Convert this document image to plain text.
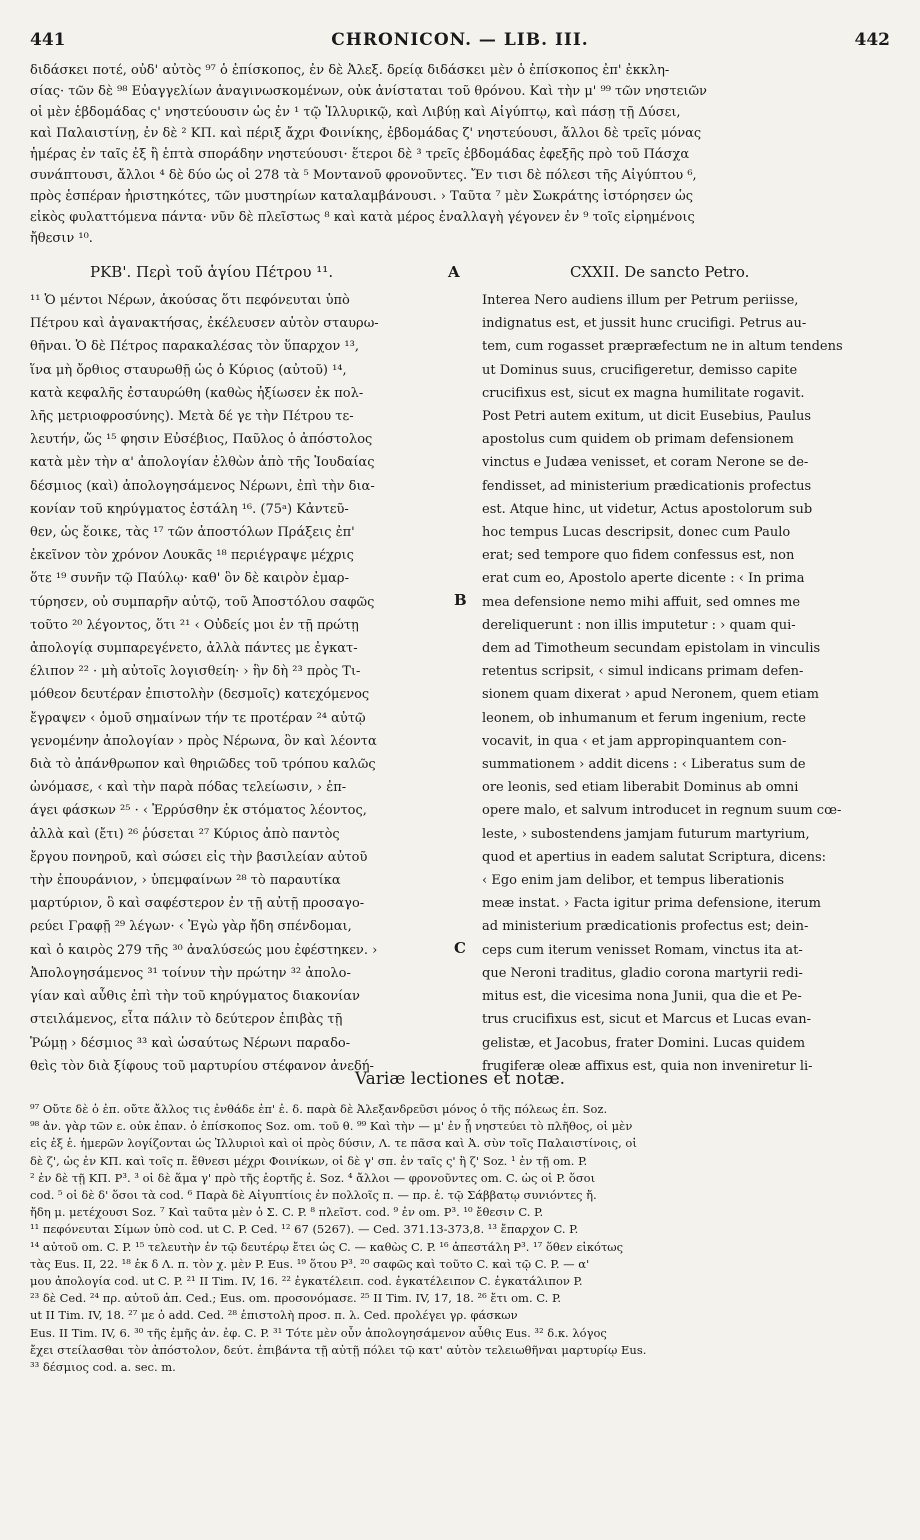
441	CHRONICON. — LIB. III.	442
διδάσκει ποτέ, οὐδ' αὐτὸς ⁹⁷ ὁ ἐπίσκοπος, ἐν δὲ Ἀλεξ. δρείᾳ διδάσκει μὲν ὁ ἐπίσκοπος ἐπ' ἐκκλη-
σίας· τῶν δὲ ⁹⁸ Εὐαγγελίων ἀναγινωσκομένων, οὐκ ἀνίσταται τοῦ θρόνου. Καὶ τὴν μ' ⁹⁹ τῶν νηστειῶν
οἱ μὲν ἑβδομάδας ς' νηστεύουσιν ὡς ἐν ¹ τῷ Ἰλλυρικῷ, καὶ Λιβύῃ καὶ Αἰγύπτῳ, καὶ πάσῃ τῇ Δύσει,
καὶ Παλαιστίνῃ, ἐν δὲ ² ΚΠ. καὶ πέριξ ἄχρι Φοινίκης, ἑβδομάδας ζ' νηστεύουσι, ἄλλοι δὲ τρεῖς μόνας
ἡμέρας ἐν ταῖς ἐξ ἢ ἑπτὰ σποράδην νηστεύουσι· ἕτεροι δὲ ³ τρεῖς ἑβδομάδας ἐφεξῆς πρὸ τοῦ Πάσχα
συνάπτουσι, ἄλλοι ⁴ δὲ δύο ὡς οἱ 278 τὰ ⁵ Μοντανοῦ φρονοῦντες. Ἔν τισι δὲ πόλεσι τῆς Αἰγύπτου ⁶,
πρὸς ἑσπέραν ἠριστηκότες, τῶν μυστηρίων καταλαμβάνουσι. › Ταῦτα ⁷ μὲν Σωκράτης ἱστόρησεν ὡς
εἰκὸς φυλαττόμενα πάντα· νῦν δὲ πλεῖστως ⁸ καὶ κατὰ μέρος ἐναλλαγὴ γέγονεν ἐν ⁹ τοῖς εἰρημένοις
ἤθεσιν ¹⁰.
ΡΚΒ'. Περὶ τοῦ ἁγίου Πέτρου ¹¹.	A	CXXII. De sancto Petro.
¹¹ Ὁ μέντοι Νέρων, ἀκούσας ὅτι πεφόνευται ὑπὸ
Πέτρου καὶ ἀγανακτήσας, ἐκέλευσεν αὐτὸν σταυρω-
θῆναι. Ὁ δὲ Πέτρος παρακαλέσας τὸν ὕπαρχον ¹³,
ἵνα μὴ ὄρθιος σταυρωθῇ ὡς ὁ Κύριος (αὐτοῦ) ¹⁴,
κατὰ κεφαλῆς ἐσταυρώθη (καθὼς ἠξίωσεν ἐκ πολ-
λῆς μετριοφροσύνης). Μετὰ δέ γε τὴν Πέτρου τε-
λευτήν, ὥς ¹⁵ φησιν Εὐσέβιος, Παῦλος ὁ ἀπόστολος
κατὰ μὲν τὴν α' ἀπολογίαν ἐλθὼν ἀπὸ τῆς Ἰουδαίας
δέσμιος (καὶ) ἀπολογησάμενος Νέρωνι, ἐπὶ τὴν δια-
κονίαν τοῦ κηρύγματος ἐστάλη ¹⁶. (75ᵃ) Κἀντεῦ-
θεν, ὡς ἔοικε, τὰς ¹⁷ τῶν ἀποστόλων Πράξεις ἐπ'
ἐκεῖνον τὸν χρόνον Λουκᾶς ¹⁸ περιέγραψε μέχρις
ὅτε ¹⁹ συνῆν τῷ Παύλῳ· καθ' ὃν δὲ καιρὸν ἐμαρ-
τύρησεν, οὐ συμπαρῆν αὐτῷ, τοῦ Ἀποστόλου σαφῶς
τοῦτο ²⁰ λέγοντος, ὅτι ²¹ ‹ Οὐδείς μοι ἐν τῇ πρώτῃ
ἀπολογίᾳ συμπαρεγένετο, ἀλλὰ πάντες με ἐγκατ-
έλιπον ²² · μὴ αὐτοῖς λογισθείη· › ἣν δὴ ²³ πρὸς Τι-
μόθεον δευτέραν ἐπιστολὴν (δεσμοῖς) κατεχόμενος
ἔγραψεν ‹ ὁμοῦ σημαίνων τήν τε προτέραν ²⁴ αὐτῷ
γενομένην ἀπολογίαν › πρὸς Νέρωνα, ὃν καὶ λέοντα
διὰ τὸ ἀπάνθρωπον καὶ θηριῶδες τοῦ τρόπου καλῶς
ὠνόμασε, ‹ καὶ τὴν παρὰ πόδας τελείωσιν, › ἐπ-
άγει φάσκων ²⁵ · ‹ Ἐρρύσθην ἐκ στόματος λέοντος,
ἀλλὰ καὶ (ἔτι) ²⁶ ῥύσεται ²⁷ Κύριος ἀπὸ παντὸς
ἔργου πονηροῦ, καὶ σώσει εἰς τὴν βασιλείαν αὐτοῦ
τὴν ἐπουράνιον, › ὑπεμφαίνων ²⁸ τὸ παραυτίκα
μαρτύριον, ὃ καὶ σαφέστερον ἐν τῇ αὐτῇ προσαγο-
ρεύει Γραφῇ ²⁹ λέγων· ‹ Ἐγὼ γὰρ ἤδη σπένδομαι,
καὶ ὁ καιρὸς 279 τῆς ³⁰ ἀναλύσεώς μου ἐφέστηκεν. ›
Ἀπολογησάμενος ³¹ τοίνυν τὴν πρώτην ³² ἀπολο-
γίαν καὶ αὖθις ἐπὶ τὴν τοῦ κηρύγματος διακονίαν
στειλάμενος, εἶτα πάλιν τὸ δεύτερον ἐπιβὰς τῇ
Ῥώμῃ › δέσμιος ³³ καὶ ὡσαύτως Νέρωνι παραδο-
θεὶς τὸν διὰ ξίφους τοῦ μαρτυρίου στέφανον ἀνεδή-
B
C
Interea Nero audiens illum per Petrum periisse,
indignatus est, et jussit hunc crucifigi. Petrus au-
tem, cum rogasset præpræfectum ne in altum tendens
ut Dominus suus, crucifigeretur, demisso capite
crucifixus est, sicut ex magna humilitate rogavit.
Post Petri autem exitum, ut dicit Eusebius, Paulus
apostolus cum quidem ob primam defensionem
vinctus e Judæa venisset, et coram Nerone se de-
fendisset, ad ministerium prædicationis profectus
est. Atque hinc, ut videtur, Actus apostolorum sub
hoc tempus Lucas descripsit, donec cum Paulo
erat; sed tempore quo fidem confessus est, non
erat cum eo, Apostolo aperte dicente : ‹ In prima
mea defensione nemo mihi affuit, sed omnes me
dereliquerunt : non illis imputetur : › quam qui-
dem ad Timotheum secundam epistolam in vinculis
retentus scripsit, ‹ simul indicans primam defen-
sionem quam dixerat › apud Neronem, quem etiam
leonem, ob inhumanum et ferum ingenium, recte
vocavit, in qua ‹ et jam appropinquantem con-
summationem › addit dicens : ‹ Liberatus sum de
ore leonis, sed etiam liberabit Dominus ab omni
opere malo, et salvum introducet in regnum suum cœ-
leste, › subostendens jamjam futurum martyrium,
quod et apertius in eadem salutat Scriptura, dicens:
‹ Ego enim jam delibor, et tempus liberationis
meæ instat. › Facta igitur prima defensione, iterum
ad ministerium prædicationis profectus est; dein-
ceps cum iterum venisset Romam, vinctus ita at-
que Neroni traditus, gladio corona martyrii redi-
mitus est, die vicesima nona Junii, qua die et Pe-
trus crucifixus est, sicut et Marcus et Lucas evan-
gelistæ, et Jacobus, frater Domini. Lucas quidem
frugiferæ oleæ affixus est, quia non inveniretur li-
Variæ lectiones et notæ.
⁹⁷ Οὔτε δὲ ὁ ἐπ. οὔτε ἄλλος τις ἐνθάδε ἐπ' ἐ. δ. παρὰ δὲ Ἀλεξανδρεῦσι μόνος ὁ τῆς πόλεως ἐπ. Soz.
⁹⁸ ἀν. γὰρ τῶν ε. οὐκ ἐπαν. ὁ ἐπίσκοπος Soz. om. τοῦ θ. ⁹⁹ Καὶ τὴν — μ' ἐν ᾗ νηστεύει τὸ πλῆθος, οἱ μὲν
εἰς ἐξ ἑ. ἡμερῶν λογίζονται ὡς Ἰλλυριοὶ καὶ οἱ πρὸς δύσιν, Λ. τε πᾶσα καὶ Ἀ. σὺν τοῖς Παλαιστίνοις, οἱ
δὲ ζ', ὡς ἐν ΚΠ. καὶ τοῖς π. ἔθνεσι μέχρι Φοινίκων, οἱ δὲ γ' σπ. ἐν ταῖς ς' ἢ ζ' Soz. ¹ ἐν τῇ om. P.
² ἐν δὲ τῇ ΚΠ. P³. ³ οἱ δὲ ἅμα γ' πρὸ τῆς ἑορτῆς ἑ. Soz. ⁴ ἄλλοι — φρονοῦντες om. C. ὡς οἱ P. ὅσοι
cod. ⁵ οἱ δὲ δ' ὅσοι τὰ cod. ⁶ Παρὰ δὲ Αἰγυπτίοις ἐν πολλοῖς π. — πρ. ἑ. τῷ Σάββατῳ συνιόντες ἤ.
ἤδη μ. μετέχουσι Soz. ⁷ Καὶ ταῦτα μὲν ὁ Σ. C. P. ⁸ πλεῖστ. cod. ⁹ ἐν om. P³. ¹⁰ ἔθεσιν C. P.
¹¹ πεφόνευται Σίμων ὑπὸ cod. ut C. P. Ced. ¹² 67 (5267). — Ced. 371.13-373,8. ¹³ ἔπαρχον C. P.
¹⁴ αὐτοῦ om. C. P. ¹⁵ τελευτὴν ἐν τῷ δευτέρῳ ἔτει ὡς C. — καθὼς C. P. ¹⁶ ἀπεστάλη P³. ¹⁷ ὅθεν εἰκότως
τὰς Eus. II, 22. ¹⁸ ἐκ δ Λ. π. τὸν χ. μὲν P. Eus. ¹⁹ ὅτου P³. ²⁰ σαφῶς καὶ τοῦτο C. καὶ τῷ C. P. — α'
μου ἀπολογία cod. ut C. P. ²¹ II Tim. IV, 16. ²² ἐγκατέλειπ. cod. ἐγκατέλειπον C. ἐγκατάλιπον P.
²³ δὲ Ced. ²⁴ πρ. αὐτοῦ ἀπ. Ced.; Eus. om. προσονόμασε. ²⁵ II Tim. IV, 17, 18. ²⁶ ἔτι om. C. P.
ut II Tim. IV, 18. ²⁷ με ὁ add. Ced. ²⁸ ἐπιστολὴ προσ. π. λ. Ced. προλέγει γρ. φάσκων
Eus. II Tim. IV, 6. ³⁰ τῆς ἐμῆς ἀν. ἐφ. C. P. ³¹ Τότε μὲν οὖν ἀπολογησάμενον αὖθις Eus. ³² δ.κ. λόγος
ἔχει στείλασθαι τὸν ἀπόστολον, δεύτ. ἐπιβάντα τῇ αὐτῇ πόλει τῷ κατ' αὐτὸν τελειωθῆναι μαρτυρίῳ Eus.
³³ δέσμιος cod. a. sec. m.
